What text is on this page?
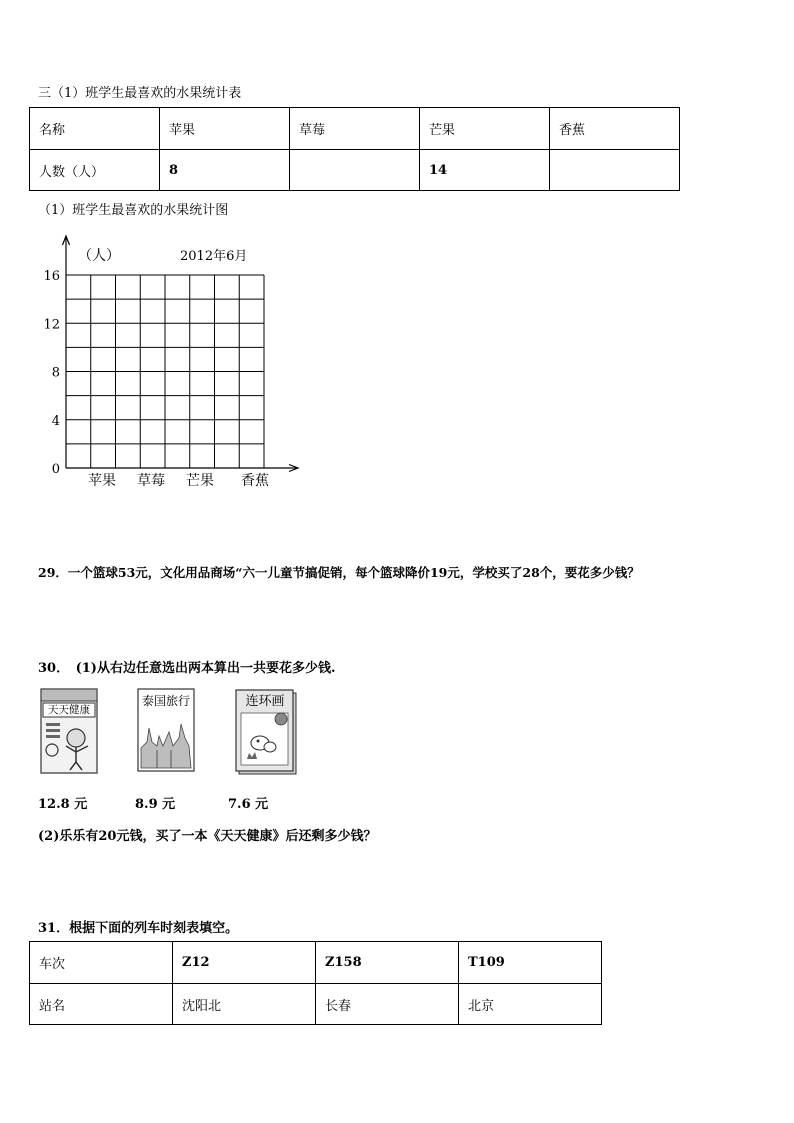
三（1）班学生最喜欢的水果统计表
名称	苹果	草莓	芒果	香蕉
人数（人）	8		14	
（1）班学生最喜欢的水果统计图
0
4
8
12
16
苹果 草莓 芒果 香蕉
（人）	2012年6月
29．一个篮球53元，文化用品商场“六一儿童节搞促销，每个篮球降价19元，学校买了28个，要花多少钱？
30．　(1)从右边任意选出两本算出一共要花多少钱.
天天健康
泰国旅行	连环画
12.8 元	8.9 元	7.6 元
(2)乐乐有20元钱，买了一本《天天健康》后还剩多少钱？
31．根据下面的列车时刻表填空。
车次	Z12	Z158	T109
站名	沈阳北	长春	北京
